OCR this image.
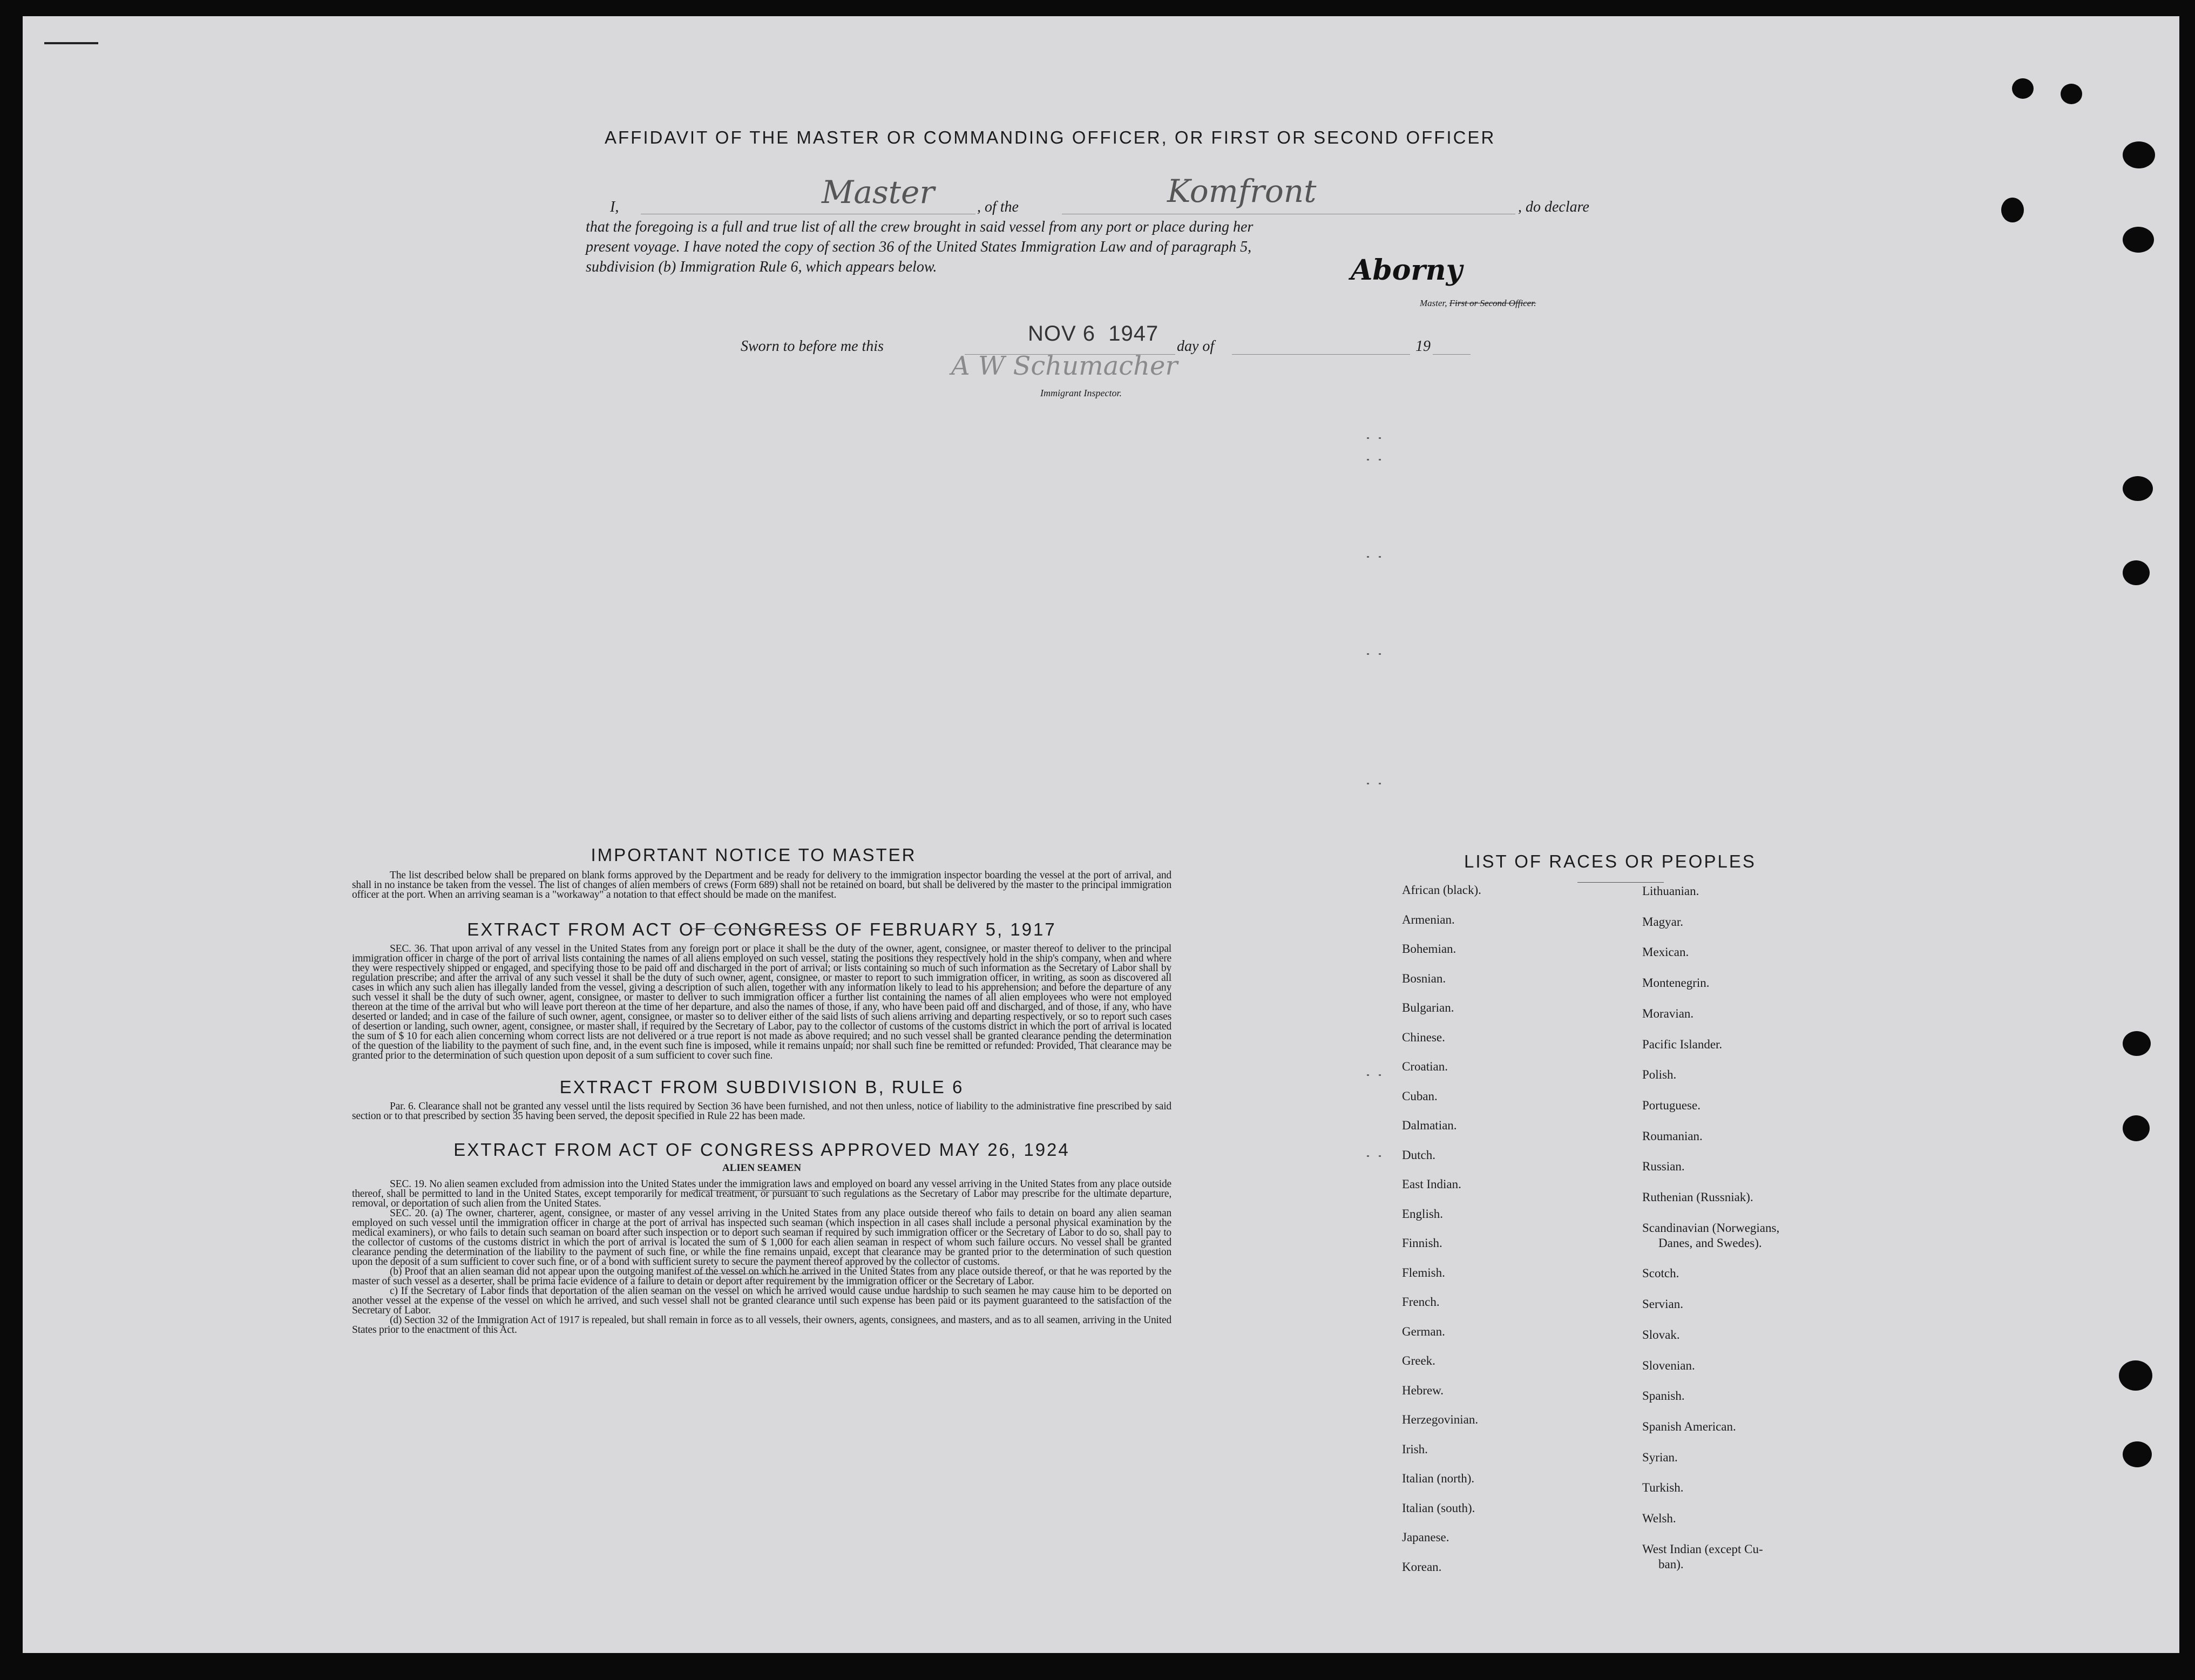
AFFIDAVIT OF THE MASTER OR COMMANDING OFFICER, OR FIRST OR SECOND OFFICER
I,	Master	, of the	Komfront	, do declare
that the foregoing is a full and true list of all the crew brought in said vessel from any port or place during her
present voyage. I have noted the copy of section 36 of the United States Immigration Law and of paragraph 5,
subdivision (b) Immigration Rule 6, which appears below.	Aborny
Master, First or Second Officer.
Sworn to before me this
NOV 6  1947
day of	19
A W Schumacher
Immigrant Inspector.
IMPORTANT NOTICE TO MASTER

The list described below shall be prepared on blank forms approved by the Department and be ready for delivery to the immigration inspector boarding the vessel at the port of arrival, and shall in no instance be taken from the vessel. The list of changes of alien members of crews (Form 689) shall not be retained on board, but shall be delivered by the master to the principal immigration officer at the port. When an arriving seaman is a "workaway" a notation to that effect should be made on the manifest.

EXTRACT FROM ACT OF CONGRESS OF FEBRUARY 5, 1917

SEC. 36. That upon arrival of any vessel in the United States from any foreign port or place it shall be the duty of the owner, agent, consignee, or master thereof to deliver to the principal immigration officer in charge of the port of arrival lists containing the names of all aliens employed on such vessel, stating the positions they respectively hold in the ship's company, when and where they were respectively shipped or engaged, and specifying those to be paid off and discharged in the port of arrival; or lists containing so much of such information as the Secretary of Labor shall by regulation prescribe; and after the arrival of any such vessel it shall be the duty of such owner, agent, consignee, or master to report to such immigration officer, in writing, as soon as discovered all cases in which any such alien has illegally landed from the vessel, giving a description of such alien, together with any information likely to lead to his apprehension; and before the departure of any such vessel it shall be the duty of such owner, agent, consignee, or master to deliver to such immigration officer a further list containing the names of all alien employees who were not employed thereon at the time of the arrival but who will leave port thereon at the time of her departure, and also the names of those, if any, who have been paid off and discharged, and of those, if any, who have deserted or landed; and in case of the failure of such owner, agent, consignee, or master so to deliver either of the said lists of such aliens arriving and departing respectively, or so to report such cases of desertion or landing, such owner, agent, consignee, or master shall, if required by the Secretary of Labor, pay to the collector of customs of the customs district in which the port of arrival is located the sum of $ 10 for each alien concerning whom correct lists are not delivered or a true report is not made as above required; and no such vessel shall be granted clearance pending the determination of the question of the liability to the payment of such fine, and, in the event such fine is imposed, while it remains unpaid; nor shall such fine be remitted or refunded: Provided, That clearance may be granted prior to the determination of such question upon deposit of a sum sufficient to cover such fine.

EXTRACT FROM SUBDIVISION B, RULE 6

Par. 6. Clearance shall not be granted any vessel until the lists required by Section 36 have been furnished, and not then unless, notice of liability to the administrative fine prescribed by said section or to that prescribed by section 35 having been served, the deposit specified in Rule 22 has been made.

EXTRACT FROM ACT OF CONGRESS APPROVED MAY 26, 1924
ALIEN SEAMEN

SEC. 19. No alien seamen excluded from admission into the United States under the immigration laws and employed on board any vessel arriving in the United States from any place outside thereof, shall be permitted to land in the United States, except temporarily for medical treatment, or pursuant to such regulations as the Secretary of Labor may prescribe for the ultimate departure, removal, or deportation of such alien from the United States.

SEC. 20. (a) The owner, charterer, agent, consignee, or master of any vessel arriving in the United States from any place outside thereof who fails to detain on board any alien seaman employed on such vessel until the immigration officer in charge at the port of arrival has inspected such seaman (which inspection in all cases shall include a personal physical examination by the medical examiners), or who fails to detain such seaman on board after such inspection or to deport such seaman if required by such immigration officer or the Secretary of Labor to do so, shall pay to the collector of customs of the customs district in which the port of arrival is located the sum of $ 1,000 for each alien seaman in respect of whom such failure occurs. No vessel shall be granted clearance pending the determination of the liability to the payment of such fine, or while the fine remains unpaid, except that clearance may be granted prior to the determination of such question upon the deposit of a sum sufficient to cover such fine, or of a bond with sufficient surety to secure the payment thereof approved by the collector of customs.

(b) Proof that an alien seaman did not appear upon the outgoing manifest of the vessel on which he arrived in the United States from any place outside thereof, or that he was reported by the master of such vessel as a deserter, shall be prima facie evidence of a failure to detain or deport after requirement by the immigration officer or the Secretary of Labor.

c) If the Secretary of Labor finds that deportation of the alien seaman on the vessel on which he arrived would cause undue hardship to such seamen he may cause him to be deported on another vessel at the expense of the vessel on which he arrived, and such vessel shall not be granted clearance until such expense has been paid or its payment guaranteed to the satisfaction of the Secretary of Labor.

(d) Section 32 of the Immigration Act of 1917 is repealed, but shall remain in force as to all vessels, their owners, agents, consignees, and masters, and as to all seamen, arriving in the United States prior to the enactment of this Act.

LIST OF RACES OR PEOPLES
African (black).
Armenian.
Bohemian.
Bosnian.
Bulgarian.
Chinese.
Croatian.
Cuban.
Dalmatian.
Dutch.
East Indian.
English.
Finnish.
Flemish.
French.
German.
Greek.
Hebrew.
Herzegovinian.
Irish.
Italian (north).
Italian (south).
Japanese.
Korean.
Lithuanian.
Magyar.
Mexican.
Montenegrin.
Moravian.
Pacific Islander.
Polish.
Portuguese.
Roumanian.
Russian.
Ruthenian (Russniak).
Scandinavian (Norwegians,
Danes, and Swedes).
Scotch.
Servian.
Slovak.
Slovenian.
Spanish.
Spanish American.
Syrian.
Turkish.
Welsh.
West Indian (except Cu-
ban).
